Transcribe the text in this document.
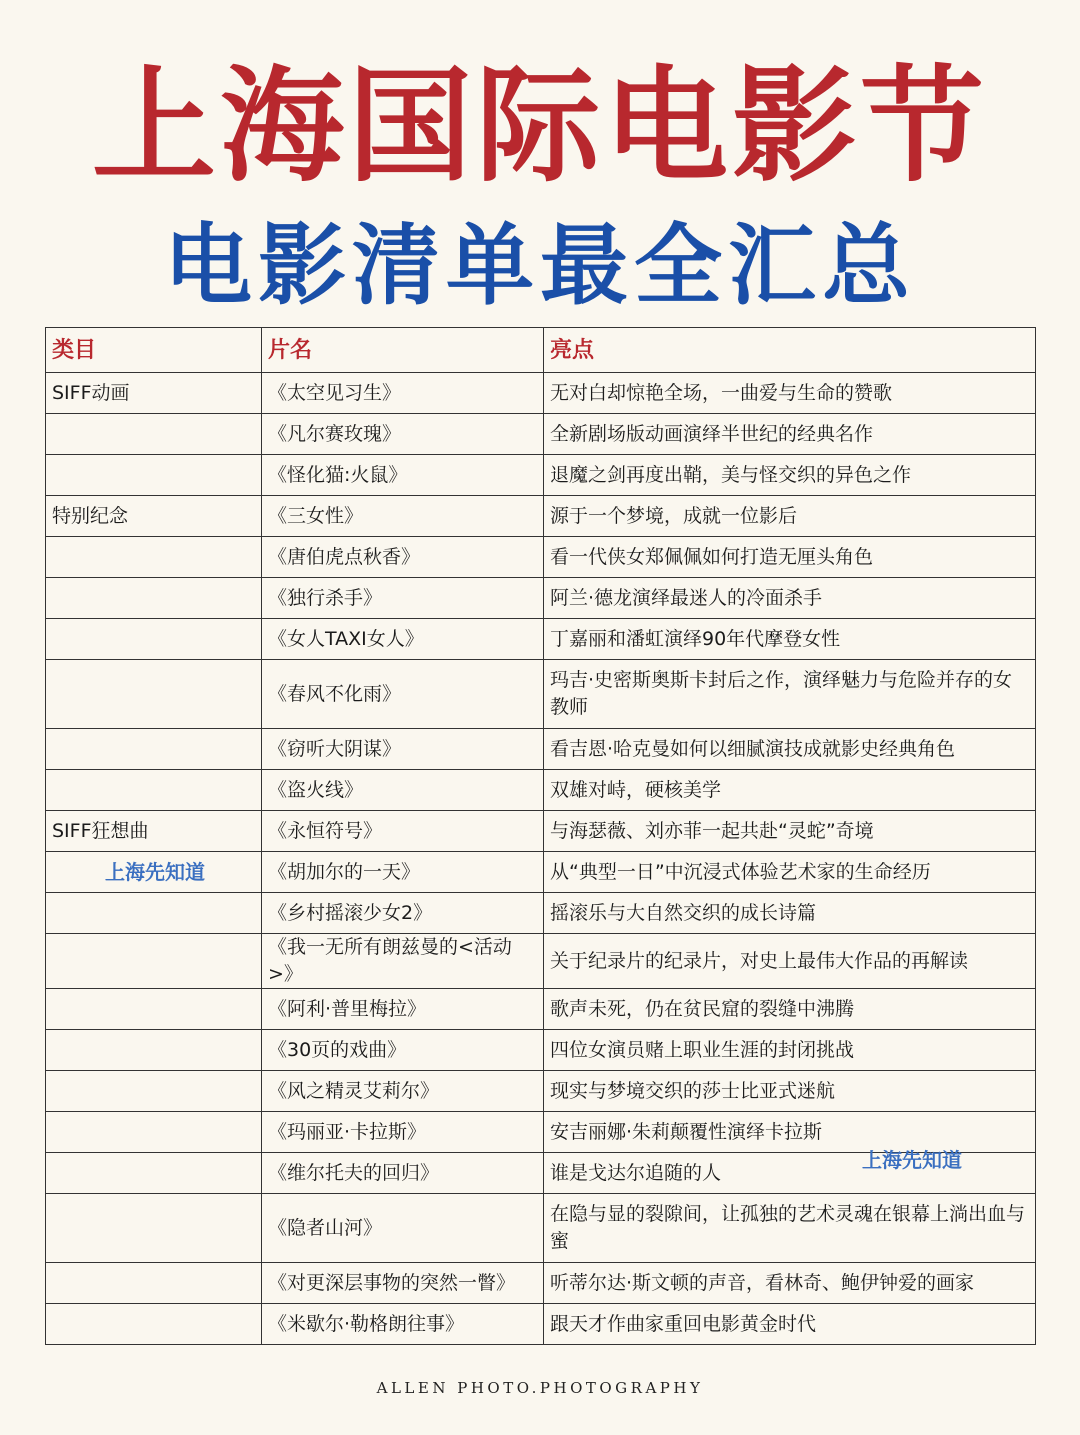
上海国际电影节
电影清单最全汇总
类目	片名	亮点
SIFF动画	《太空见习生》	无对白却惊艳全场，一曲爱与生命的赞歌
	《凡尔赛玫瑰》	全新剧场版动画演绎半世纪的经典名作
	《怪化猫:火鼠》	退魔之剑再度出鞘，美与怪交织的异色之作
特别纪念	《三女性》	源于一个梦境，成就一位影后
	《唐伯虎点秋香》	看一代侠女郑佩佩如何打造无厘头角色
	《独行杀手》	阿兰·德龙演绎最迷人的冷面杀手
	《女人TAXI女人》	丁嘉丽和潘虹演绎90年代摩登女性
	《春风不化雨》	玛吉·史密斯奥斯卡封后之作，演绎魅力与危险并存的女教师
	《窃听大阴谋》	看吉恩·哈克曼如何以细腻演技成就影史经典角色
	《盗火线》	双雄对峙，硬核美学
SIFF狂想曲	《永恒符号》	与海瑟薇、刘亦菲一起共赴“灵蛇”奇境

上海先知道	《胡加尔的一天》	从“典型一日”中沉浸式体验艺术家的生命经历
	《乡村摇滚少女2》	摇滚乐与大自然交织的成长诗篇
	《我一无所有朗兹曼的<活动>》	关于纪录片的纪录片，对史上最伟大作品的再解读
	《阿利·普里梅拉》	歌声未死，仍在贫民窟的裂缝中沸腾
	《30页的戏曲》	四位女演员赌上职业生涯的封闭挑战
	《风之精灵艾莉尔》	现实与梦境交织的莎士比亚式迷航
	《玛丽亚·卡拉斯》	安吉丽娜·朱莉颠覆性演绎卡拉斯
	《维尔托夫的回归》	谁是戈达尔追随的人
	《隐者山河》	在隐与显的裂隙间，让孤独的艺术灵魂在银幕上淌出血与蜜
	《对更深层事物的突然一瞥》	听蒂尔达·斯文顿的声音，看林奇、鲍伊钟爱的画家
	《米歇尔·勒格朗往事》	跟天才作曲家重回电影黄金时代
上海先知道
ALLEN PHOTO.PHOTOGRAPHY
